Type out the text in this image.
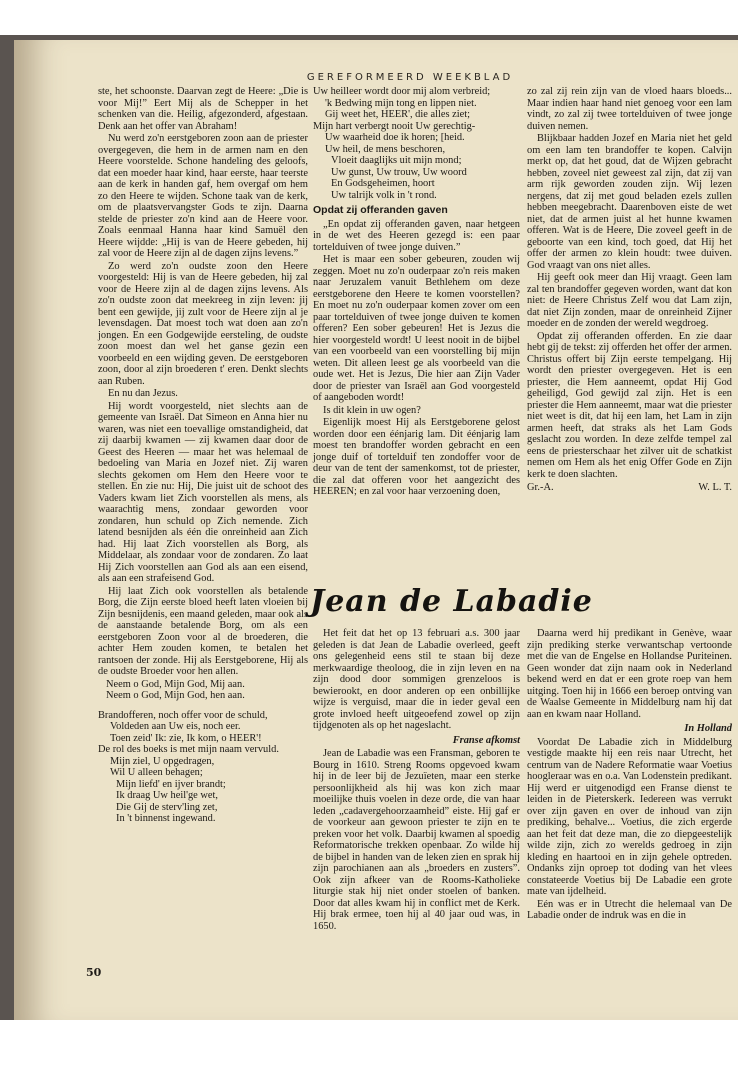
GEREFORMEERD WEEKBLAD

ste, het schoonste. Daarvan zegt de Heere: „Die is voor Mij!” Eert Mij als de Schepper in het schenken van die. Heilig, afgezonderd, afgestaan. Denk aan het offer van Abraham!

Nu werd zo'n eerstgeboren zoon aan de priester overgegeven, die hem in de armen nam en den Heere voorstelde. Schone handeling des geloofs, dat een moeder haar kind, haar eerste, haar teerste aan de kerk in handen gaf, hem overgaf om hem zo den Heere te wijden. Schone taak van de kerk, om de plaatsvervangster Gods te zijn. Daarna stelde de priester zo'n kind aan de Heere voor. Zoals eenmaal Hanna haar kind Samuël den Heere wijdde: „Hij is van de Heere gebeden, hij zal voor de Heere zijn al de dagen zijns levens.”

Zo werd zo'n oudste zoon den Heere voorgesteld: Hij is van de Heere gebeden, hij zal voor de Heere zijn al de dagen zijns levens. Als zo'n oudste zoon dat meekreeg in zijn leven: jij bent een gewijde, jij zult voor de Heere zijn al je levensdagen. Dat moest toch wat doen aan zo'n jongen. En een Godgewijde eersteling, de oudste zoon moest dan wel het ganse gezin een voorbeeld en een wijding geven. De eerstgeboren zoon, door al zijn broederen t' eren. Denkt slechts aan Ruben.

En nu dan Jezus.

Hij wordt voorgesteld, niet slechts aan de gemeente van Israël. Dat Simeon en Anna hier nu waren, was niet een toevallige omstandigheid, dat zij daarbij kwamen — zij kwamen daar door de Geest des Heeren — maar het was helemaal de bedoeling van Maria en Jozef niet. Zij waren slechts gekomen om Hem den Heere voor te stellen. En zie nu: Hij, Die juist uit de schoot des Vaders kwam liet Zich voorstellen als mens, als waarachtig mens, zondaar geworden voor zondaren, hun schuld op Zich nemende. Zich latend besnijden als één die onreinheid aan Zich had. Hij laat Zich voorstellen als Borg, als Middelaar, als zondaar voor de zondaren. Zo laat Hij Zich voorstellen aan God als aan een eisend, als aan een strafeisend God.

Hij laat Zich ook voorstellen als betalende Borg, die Zijn eerste bloed heeft laten vloeien bij Zijn besnijdenis, een maand geleden, maar ook als de aanstaande betalende Borg, om als een eerstgeboren Zoon voor al de broederen, die achter Hem zouden komen, te betalen het rantsoen der zonde. Hij als Eerstgeborene, Hij als de oudste Broeder voor hen allen.

Neem o God, Mijn God, Mij aan.
Neem o God, Mijn God, hen aan.
Brandofferen, noch offer voor de schuld,
Voldeden aan Uw eis, noch eer.
Toen zeid' Ik: zie, Ik kom, o HEER'!
De rol des boeks is met mijn naam vervuld.
Mijn ziel, U opgedragen,
Wil U alleen behagen;
Mijn liefd' en ijver brandt;
Ik draag Uw heil'ge wet,
Die Gij de sterv'ling zet,
In 't binnenst ingewand.
Uw heilleer wordt door mij alom verbreid;
'k Bedwing mijn tong en lippen niet.
Gij weet het, HEER', die alles ziet;
Mijn hart verbergt nooit Uw gerechtig-
Uw waarheid doe ik horen; [heid.
Uw heil, de mens beschoren,
Vloeit daaglijks uit mijn mond;
Uw gunst, Uw trouw, Uw woord
En Godsgeheimen, hoort
Uw talrijk volk in 't rond.
Opdat zij offeranden gaven

„En opdat zij offeranden gaven, naar hetgeen in de wet des Heeren gezegd is: een paar tortelduiven of twee jonge duiven.”

Het is maar een sober gebeuren, zouden wij zeggen. Moet nu zo'n ouderpaar zo'n reis maken naar Jeruzalem vanuit Bethlehem om deze eerstgeborene den Heere te komen voorstellen? En moet nu zo'n ouderpaar komen zover om een paar tortelduiven of twee jonge duiven te komen offeren? Een sober gebeuren! Het is Jezus die hier voorgesteld wordt! U leest nooit in de bijbel van een voorbeeld van een voorstelling bij mijn weten. Dit alleen leest ge als voorbeeld van die oude wet. Het is Jezus, Die hier aan Zijn Vader door de priester van Israël aan God voorgesteld of aangeboden wordt!

Is dit klein in uw ogen?

Eigenlijk moest Hij als Eerstgeborene gelost worden door een éénjarig lam. Dit éénjarig lam moest ten brandoffer worden gebracht en een jonge duif of tortelduif ten zondoffer voor de deur van de tent der samenkomst, tot de priester, die zal dat offeren voor het aangezicht des HEEREN; en zal voor haar verzoening doen,

zo zal zij rein zijn van de vloed haars bloeds... Maar indien haar hand niet genoeg voor een lam vindt, zo zal zij twee tortelduiven of twee jonge duiven nemen.

Blijkbaar hadden Jozef en Maria niet het geld om een lam ten brandoffer te kopen. Calvijn merkt op, dat het goud, dat de Wijzen gebracht hebben, zoveel niet geweest zal zijn, dat zij van arm rijk geworden zouden zijn. Wij lezen nergens, dat zij met goud beladen ezels zullen hebben meegebracht. Daarenboven eiste de wet niet, dat de armen juist al het hunne kwamen offeren. Wat is de Heere, Die zoveel geeft in de geboorte van een kind, toch goed, dat Hij het offer der armen zo klein houdt: twee duiven. God vraagt van ons niet alles.

Hij geeft ook meer dan Hij vraagt. Geen lam zal ten brandoffer gegeven worden, want dat kon niet: de Heere Christus Zelf wou dat Lam zijn, dat niet Zijn zonden, maar de onreinheid Zijner moeder en de zonden der wereld wegdroeg.

Opdat zij offeranden offerden. En zie daar hebt gij de tekst: zij offerden het offer der armen. Christus offert bij Zijn eerste tempelgang. Hij wordt den priester overgegeven. Het is een priester, die Hem aanneemt, opdat Hij God geheiligd, God gewijd zal zijn. Het is een priester die Hem aanneemt, maar wat die priester niet weet is dit, dat hij een lam, het Lam in zijn armen heeft, dat straks als het Lam Gods geslacht zou worden. In deze zelfde tempel zal eens de priesterschaar het zilver uit de schatkist nemen om Hem als het enig Offer Gode en Zijn kerk te doen slachten.

Gr.-A.	W. L. T.
Jean de Labadie

Het feit dat het op 13 februari a.s. 300 jaar geleden is dat Jean de Labadie overleed, geeft ons gelegenheid eens stil te staan bij deze merkwaardige theoloog, die in zijn leven en na zijn dood door sommigen grenzeloos is bewierookt, en door anderen op een onbillijke wijze is verguisd, maar die in ieder geval een grote invloed heeft uitgeoefend zowel op zijn tijdgenoten als op het nageslacht.

Franse afkomst

Jean de Labadie was een Fransman, geboren te Bourg in 1610. Streng Rooms opgevoed kwam hij in de leer bij de Jezuïeten, maar een sterke persoonlijkheid als hij was kon zich maar moeilijke thuis voelen in deze orde, die van haar leden „cadavergehoorzaamheid” eiste. Hij gaf er de voorkeur aan gewoon priester te zijn en te preken voor het volk. Daarbij kwamen al spoedig Reformatorische trekken openbaar. Zo wilde hij de bijbel in handen van de leken zien en sprak hij zijn parochianen aan als „broeders en zusters”. Ook zijn afkeer van de Rooms-Katholieke liturgie stak hij niet onder stoelen of banken. Door dat alles kwam hij in conflict met de Kerk. Hij brak ermee, toen hij al 40 jaar oud was, in 1650.

Daarna werd hij predikant in Genève, waar zijn prediking sterke verwantschap vertoonde met die van de Engelse en Hollandse Puriteinen. Geen wonder dat zijn naam ook in Nederland bekend werd en dat er een grote roep van hem uitging. Toen hij in 1666 een beroep ontving van de Waalse Gemeente in Middelburg nam hij dat aan en kwam naar Holland.

In Holland

Voordat De Labadie zich in Middelburg vestigde maakte hij een reis naar Utrecht, het centrum van de Nadere Reformatie waar Voetius hoogleraar was en o.a. Van Lodenstein predikant. Hij werd er uitgenodigd een Franse dienst te leiden in de Pieterskerk. Iedereen was verrukt over zijn gaven en over de inhoud van zijn prediking, behalve... Voetius, die zich ergerde aan het feit dat deze man, die zo diepgeestelijk wilde zijn, zich zo werelds gedroeg in zijn kleding en haartooi en in zijn gehele optreden. Ondanks zijn oproep tot doding van het vlees constateerde Voetius bij De Labadie een grote mate van ijdelheid.

Eén was er in Utrecht die helemaal van De Labadie onder de indruk was en die in

50
